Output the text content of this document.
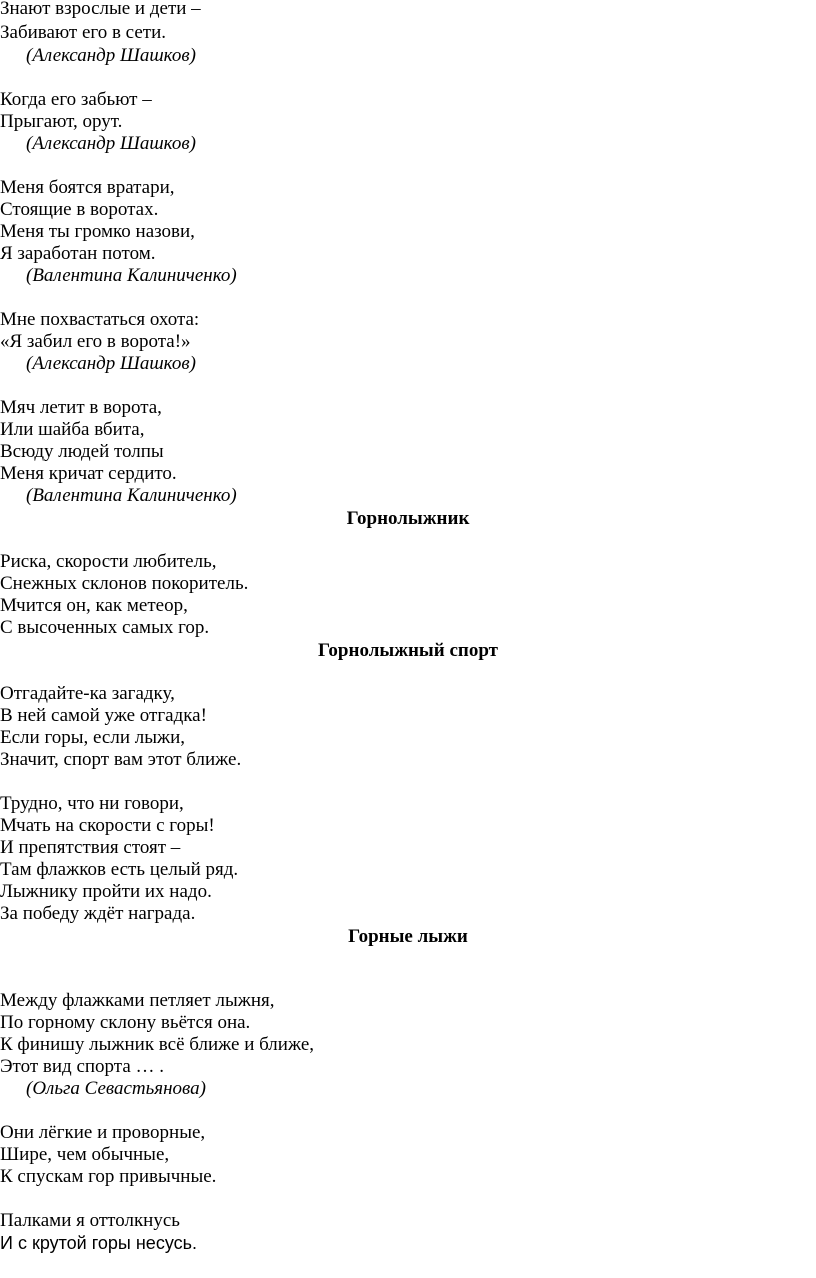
Знают взрослые и дети –
Забивают его в сети.
(Александр Шашков)
Когда его забьют –
Прыгают, орут.
(Александр Шашков)
Меня боятся вратари,
Стоящие в воротах.
Меня ты громко назови,
Я заработан потом.
(Валентина Калиниченко)
Мне похвастаться охота:
«Я забил его в ворота!»
(Александр Шашков)
Мяч летит в ворота,
Или шайба вбита,
Всюду людей толпы
Меня кричат сердито.
(Валентина Калиниченко)
Горнолыжник
Риска, скорости любитель,
Снежных склонов покоритель.
Мчится он, как метеор,
С высоченных самых гор.
Горнолыжный спорт
Отгадайте-ка загадку,
В ней самой уже отгадка!
Если горы, если лыжи,
Значит, спорт вам этот ближе.
Трудно, что ни говори,
Мчать на скорости с горы!
И препятствия стоят –
Там флажков есть целый ряд.
Лыжнику пройти их надо.
За победу ждёт награда.
Горные лыжи
Между флажками петляет лыжня,
По горному склону вьётся она.
К финишу лыжник всё ближе и ближе,
Этот вид спорта … .
(Ольга Севастьянова)
Они лёгкие и проворные,
Шире, чем обычные,
К спускам гор привычные.
Палками я оттолкнусь
И с крутой горы несусь.
